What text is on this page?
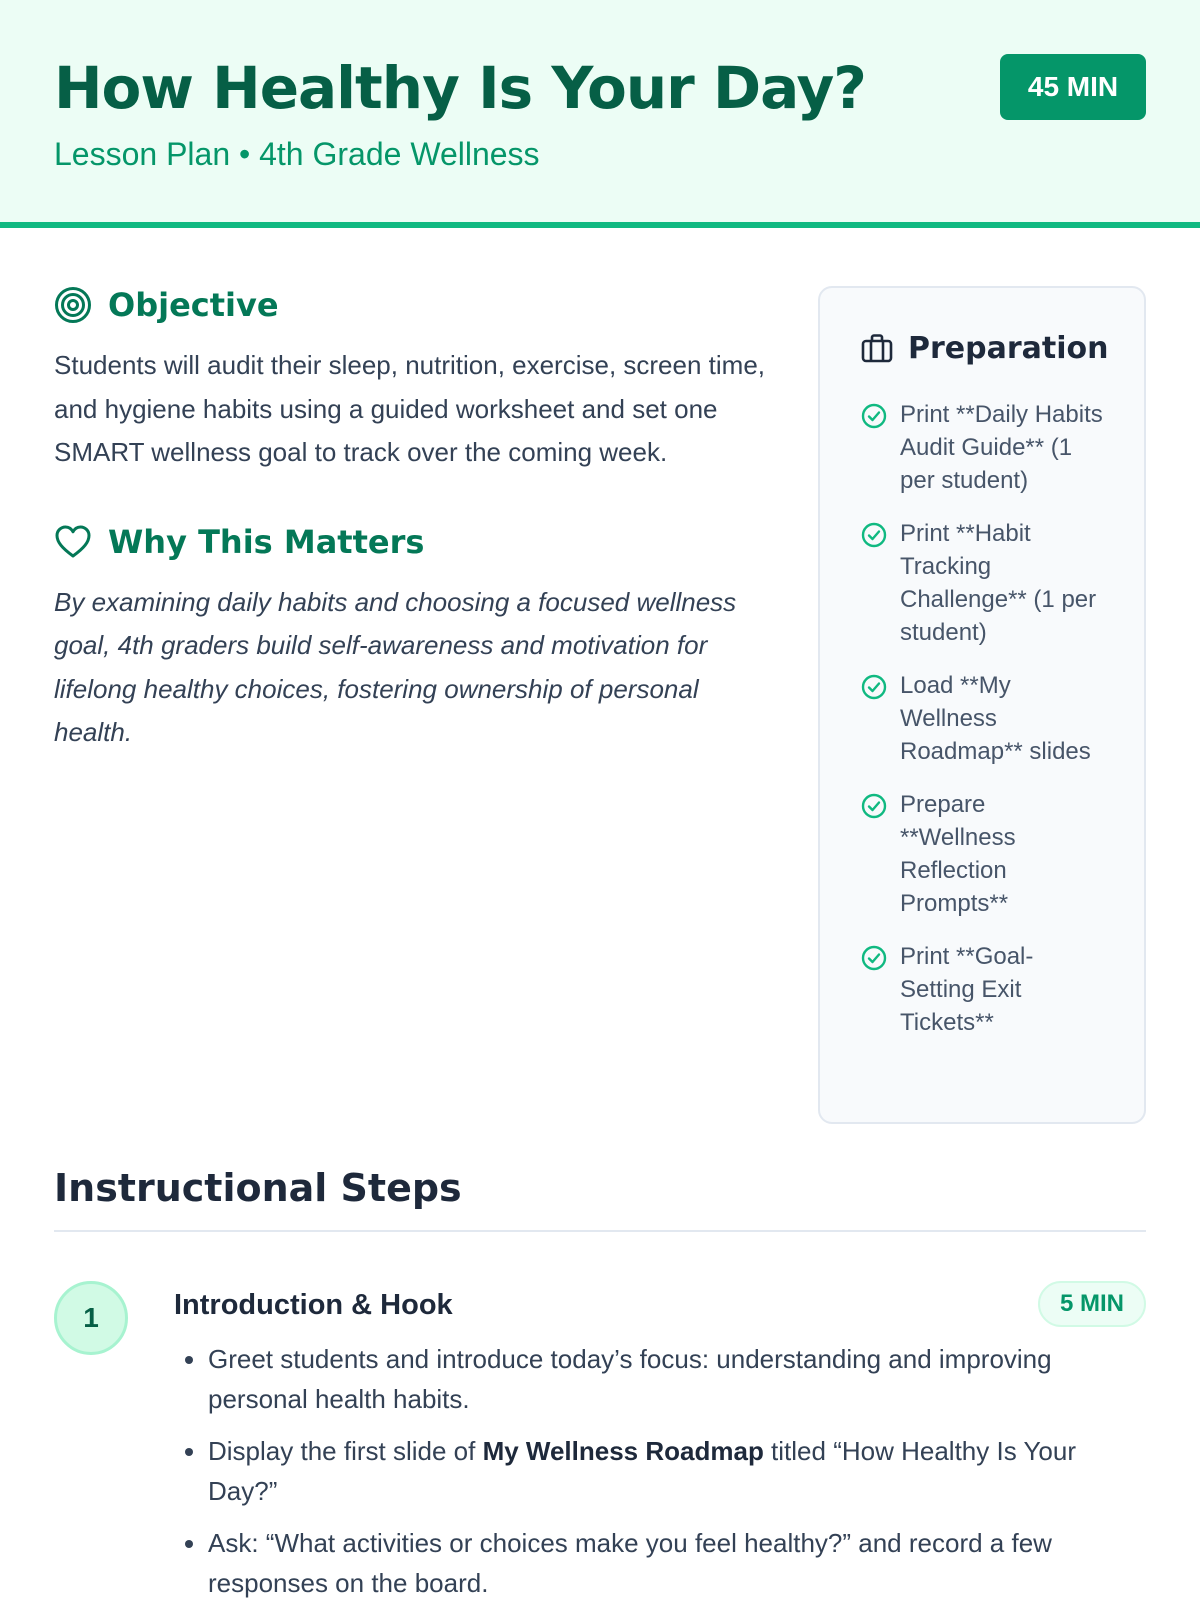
How Healthy Is Your Day?
Lesson Plan • 4th Grade Wellness
45 MIN
Objective

Students will audit their sleep, nutrition, exercise, screen time, and hygiene habits using a guided worksheet and set one SMART wellness goal to track over the coming week.

Why This Matters

By examining daily habits and choosing a focused wellness goal, 4th graders build self-awareness and motivation for lifelong healthy choices, fostering ownership of personal health.

Preparation
Print **Daily Habits Audit Guide** (1 per student)
Print **Habit Tracking Challenge** (1 per student)
Load **My Wellness Roadmap** slides
Prepare **Wellness Reflection Prompts**
Print **Goal-Setting Exit Tickets**
Instructional Steps
1	Introduction & Hook	5 MIN
• Greet students and introduce today’s focus: understanding and improving personal health habits.
• Display the first slide of My Wellness Roadmap titled “How Healthy Is Your Day?”
• Ask: “What activities or choices make you feel healthy?” and record a few responses on the board.
